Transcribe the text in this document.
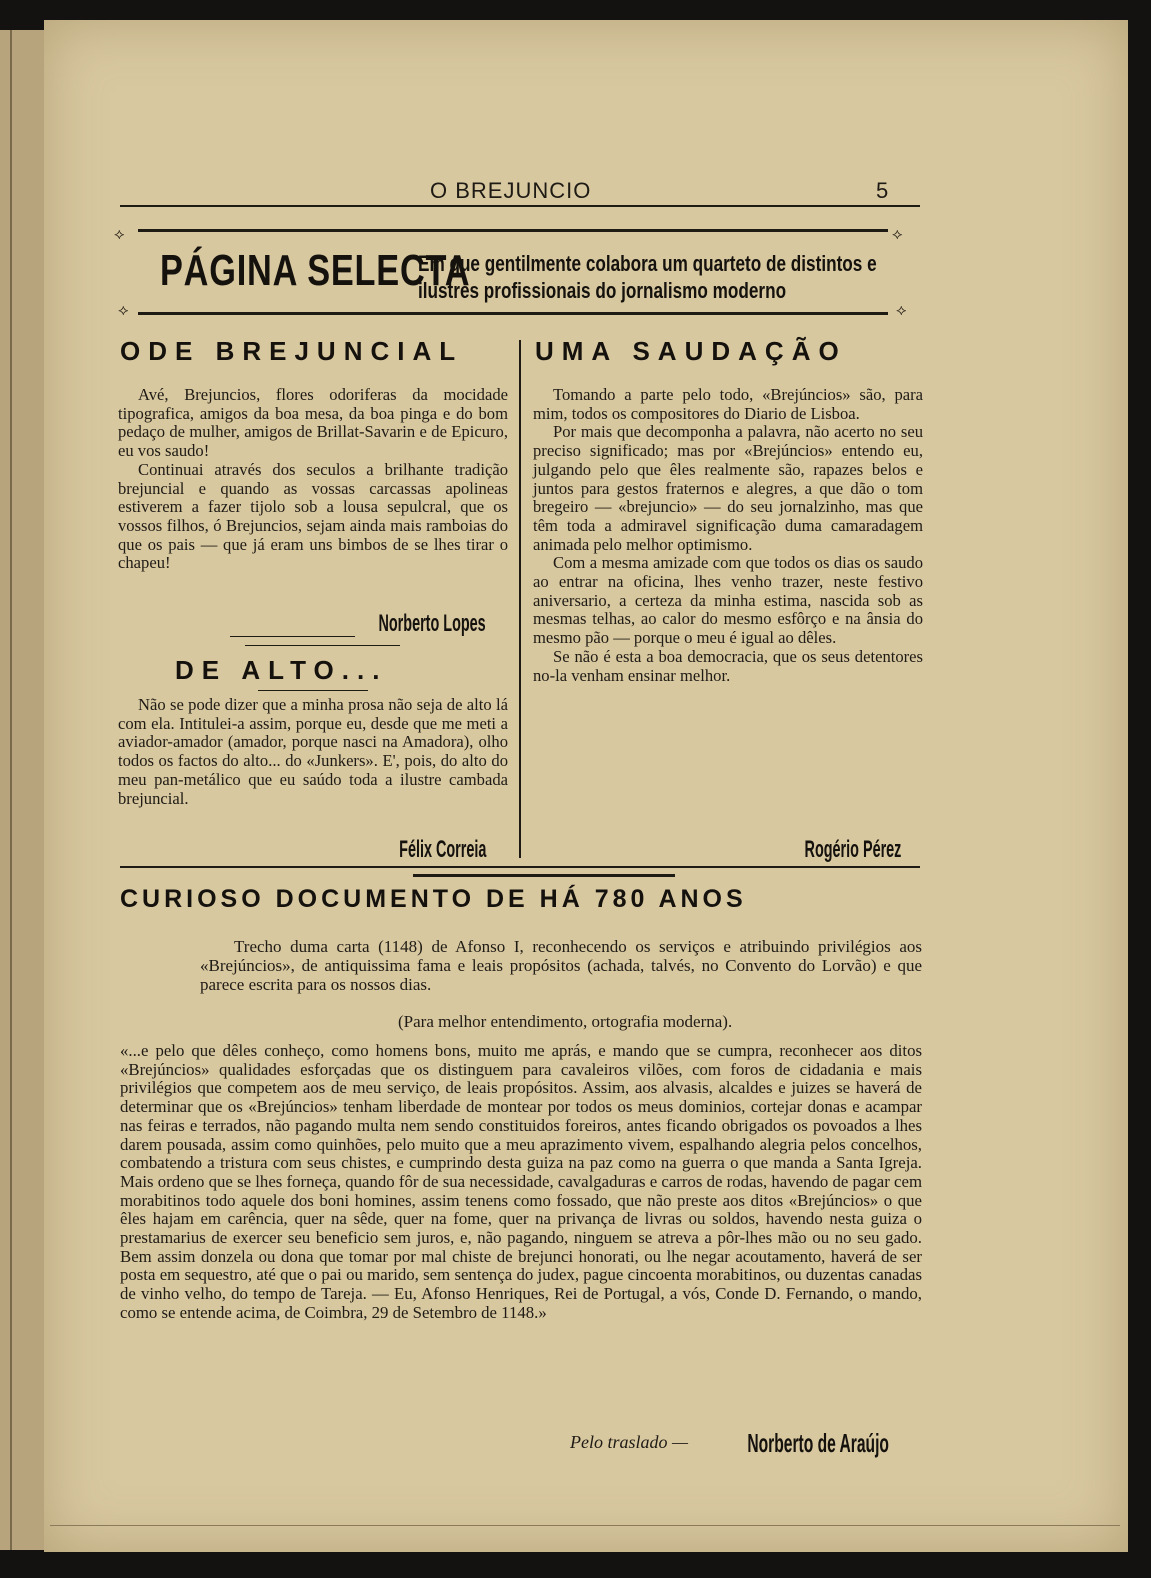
O BREJUNCIO	5
⟡
⟡
⟡
⟡
PÁGINA SELECTA
Em que gentilmente colabora um quarteto de distintos e ilustres profissionais do jornalismo moderno
ODE BREJUNCIAL

Avé, Brejuncios, flores odoriferas da mocidade tipografica, amigos da boa mesa, da boa pinga e do bom pedaço de mulher, amigos de Brillat-Savarin e de Epicuro, eu vos saudo!

Continuai através dos seculos a brilhante tradição brejuncial e quando as vossas carcassas apolineas estiverem a fazer tijolo sob a lousa sepulcral, que os vossos filhos, ó Brejuncios, sejam ainda mais ramboias do que os pais — que já eram uns bimbos de se lhes tirar o chapeu!

Norberto Lopes
DE ALTO...

Não se pode dizer que a minha prosa não seja de alto lá com ela. Intitulei-a assim, porque eu, desde que me meti a aviador-amador (amador, porque nasci na Amadora), olho todos os factos do alto... do «Junkers». E', pois, do alto do meu pan-metálico que eu saúdo toda a ilustre cambada brejuncial.

Félix Correia
UMA SAUDAÇÃO

Tomando a parte pelo todo, «Brejúncios» são, para mim, todos os compositores do Diario de Lisboa.

Por mais que decomponha a palavra, não acerto no seu preciso significado; mas por «Brejúncios» entendo eu, julgando pelo que êles realmente são, rapazes belos e juntos para gestos fraternos e alegres, a que dão o tom bregeiro — «brejuncio» — do seu jornalzinho, mas que têm toda a admiravel significação duma camaradagem animada pelo melhor optimismo.

Com a mesma amizade com que todos os dias os saudo ao entrar na oficina, lhes venho trazer, neste festivo aniversario, a certeza da minha estima, nascida sob as mesmas telhas, ao calor do mesmo esfôrço e na ânsia do mesmo pão — porque o meu é igual ao dêles.

Se não é esta a boa democracia, que os seus detentores no-la venham ensinar melhor.

Rogério Pérez
CURIOSO DOCUMENTO DE HÁ 780 ANOS
Trecho duma carta (1148) de Afonso I, reconhecendo os serviços e atribuindo privilégios aos «Brejúncios», de antiquissima fama e leais propósitos (achada, talvés, no Convento do Lorvão) e que parece escrita para os nossos dias.
(Para melhor entendimento, ortografia moderna).
«...e pelo que dêles conheço, como homens bons, muito me aprás, e mando que se cumpra, reconhecer aos ditos «Brejúncios» qualidades esforçadas que os distinguem para cavaleiros vilões, com foros de cidadania e mais privilégios que competem aos de meu serviço, de leais propósitos. Assim, aos alvasis, alcaldes e juizes se haverá de determinar que os «Brejúncios» tenham liberdade de montear por todos os meus dominios, cortejar donas e acampar nas feiras e terrados, não pagando multa nem sendo constituidos foreiros, antes ficando obrigados os povoados a lhes darem pousada, assim como quinhões, pelo muito que a meu aprazimento vivem, espalhando alegria pelos concelhos, combatendo a tristura com seus chistes, e cumprindo desta guiza na paz como na guerra o que manda a Santa Igreja. Mais ordeno que se lhes forneça, quando fôr de sua necessidade, cavalgaduras e carros de rodas, havendo de pagar cem morabitinos todo aquele dos boni homines, assim tenens como fossado, que não preste aos ditos «Brejúncios» o que êles hajam em carência, quer na sêde, quer na fome, quer na privança de livras ou soldos, havendo nesta guiza o prestamarius de exercer seu beneficio sem juros, e, não pagando, ninguem se atreva a pôr-lhes mão ou no seu gado. Bem assim donzela ou dona que tomar por mal chiste de brejunci honorati, ou lhe negar acoutamento, haverá de ser posta em sequestro, até que o pai ou marido, sem sentença do judex, pague cincoenta morabitinos, ou duzentas canadas de vinho velho, do tempo de Tareja. — Eu, Afonso Henriques, Rei de Portugal, a vós, Conde D. Fernando, o mando, como se entende acima, de Coimbra, 29 de Setembro de 1148.»
Pelo traslado — Norberto de Araújo
